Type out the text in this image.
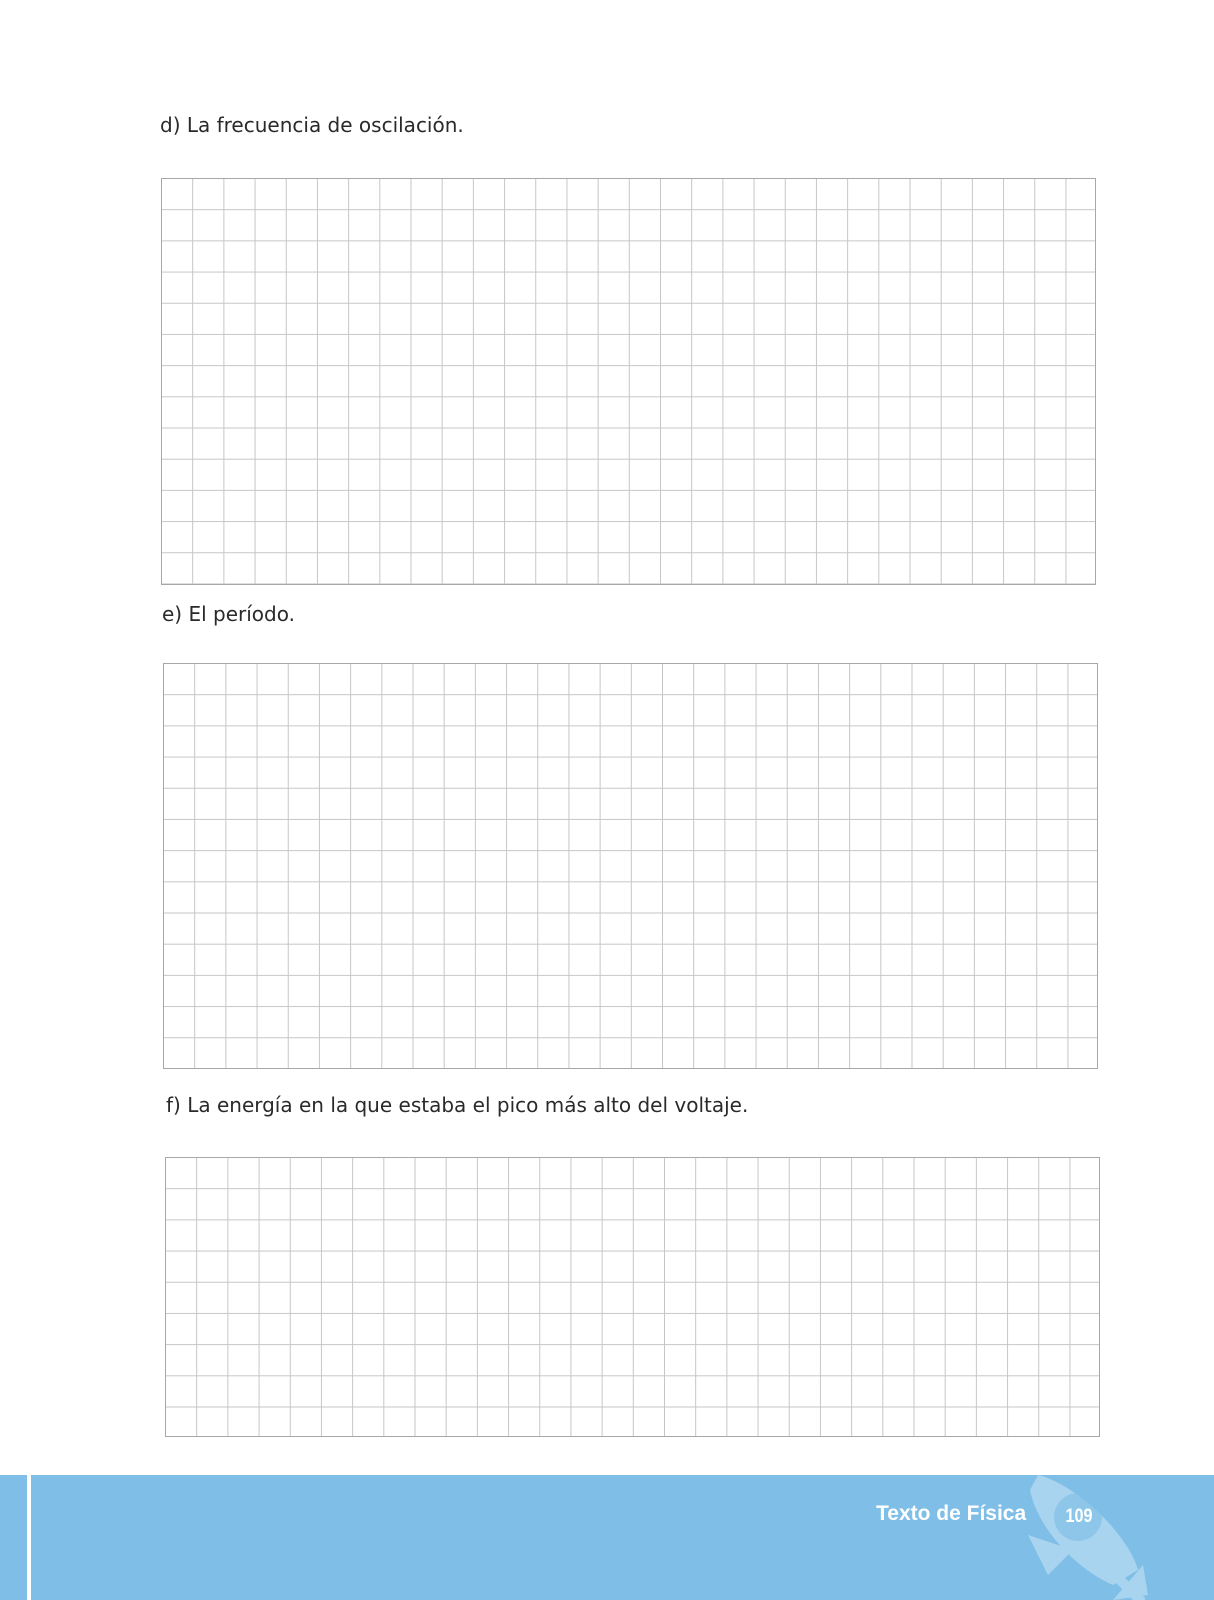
d) La frecuencia de oscilación.

e) El período.

f) La energía en la que estaba el pico más alto del voltaje.

Texto de Física 109
